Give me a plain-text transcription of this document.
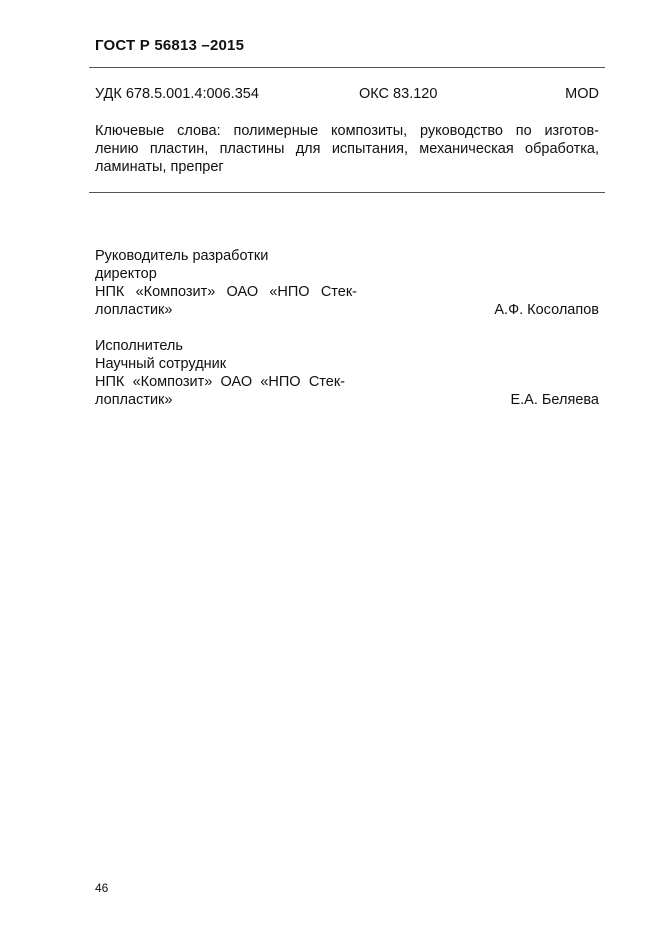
ГОСТ Р 56813 –2015
УДК 678.5.001.4:006.354	ОКС 83.120	MOD

Ключевые слова: полимерные композиты, руководство по изготов-
лению пластин, пластины для испытания, механическая обработка,
ламинаты, препрег

Руководитель разработки
директор
НПК «Композит» ОАО «НПО Стек-
лопластик»	А.Ф. Косолапов
Исполнитель
Научный сотрудник
НПК «Композит» ОАО «НПО Стек-
лопластик»	Е.А. Беляева
46
